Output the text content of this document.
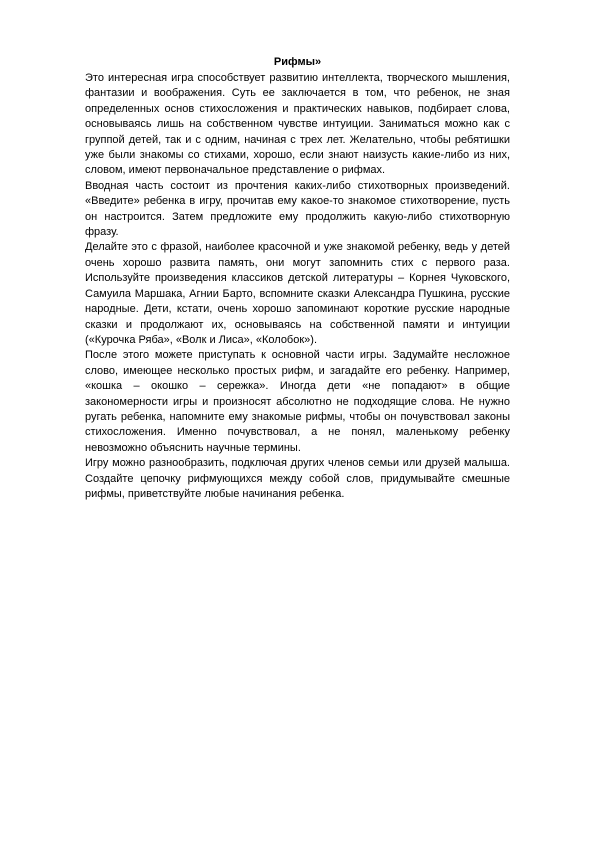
Рифмы»

Это интересная игра способствует развитию интеллекта, творческого мышления, фантазии и воображения. Суть ее заключается в том, что ребенок, не зная определенных основ стихосложения и практических навыков, подбирает слова, основываясь лишь на собственном чувстве интуиции. Заниматься можно как с группой детей, так и с одним, начиная с трех лет. Желательно, чтобы ребятишки уже были знакомы со стихами, хорошо, если знают наизусть какие-либо из них, словом, имеют первоначальное представление о рифмах.

Вводная часть состоит из прочтения каких-либо стихотворных произведений. «Введите» ребенка в игру, прочитав ему какое-то знакомое стихотворение, пусть он настроится. Затем предложите ему продолжить какую-либо стихотворную фразу.

Делайте это с фразой, наиболее красочной и уже знакомой ребенку, ведь у детей очень хорошо развита память, они могут запомнить стих с первого раза. Используйте произведения классиков детской литературы – Корнея Чуковского, Самуила Маршака, Агнии Барто, вспомните сказки Александра Пушкина, русские народные. Дети, кстати, очень хорошо запоминают короткие русские народные сказки и продолжают их, основываясь на собственной памяти и интуиции («Курочка Ряба», «Волк и Лиса», «Колобок»).

После этого можете приступать к основной части игры. Задумайте несложное слово, имеющее несколько простых рифм, и загадайте его ребенку. Например, «кошка – окошко – сережка». Иногда дети «не попадают» в общие закономерности игры и произносят абсолютно не подходящие слова. Не нужно ругать ребенка, напомните ему знакомые рифмы, чтобы он почувствовал законы стихосложения. Именно почувствовал, а не понял, маленькому ребенку невозможно объяснить научные термины.

Игру можно разнообразить, подключая других членов семьи или друзей малыша. Создайте цепочку рифмующихся между собой слов, придумывайте смешные рифмы, приветствуйте любые начинания ребенка.
